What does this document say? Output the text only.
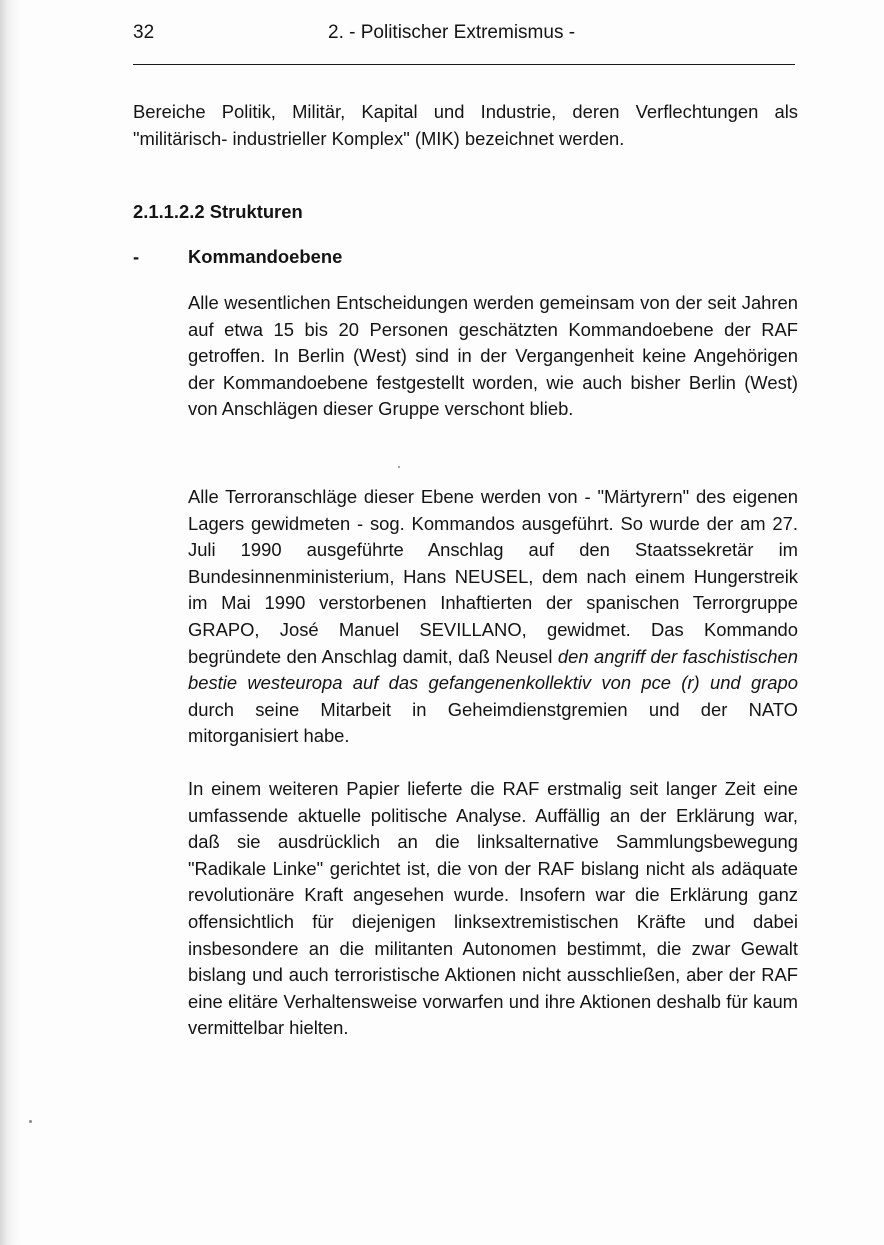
32	2. - Politischer Extremismus -

Bereiche Politik, Militär, Kapital und Industrie, deren Verflechtungen als "militärisch- industrieller Komplex" (MIK) bezeichnet werden.

2.1.1.2.2 Strukturen
-	Kommandoebene

Alle wesentlichen Entscheidungen werden gemeinsam von der seit Jahren auf etwa 15 bis 20 Personen geschätzten Kommandoebene der RAF getroffen. In Berlin (West) sind in der Vergangenheit keine Angehörigen der Kommandoebene festgestellt worden, wie auch bisher Berlin (West) von Anschlägen dieser Gruppe verschont blieb.

Alle Terroranschläge dieser Ebene werden von - "Märtyrern" des eigenen Lagers gewidmeten - sog. Kommandos ausgeführt. So wurde der am 27. Juli 1990 ausgeführte Anschlag auf den Staatssekretär im Bundesinnenministerium, Hans NEUSEL, dem nach einem Hungerstreik im Mai 1990 verstorbenen Inhaftierten der spanischen Terrorgruppe GRAPO, José Manuel SEVILLANO, gewidmet. Das Kommando begründete den Anschlag damit, daß Neusel den angriff der faschistischen bestie westeuropa auf das gefangenenkollektiv von pce (r) und grapo durch seine Mitarbeit in Geheimdienstgremien und der NATO mitorganisiert habe.

In einem weiteren Papier lieferte die RAF erstmalig seit langer Zeit eine umfassende aktuelle politische Analyse. Auffällig an der Erklärung war, daß sie ausdrücklich an die linksalternative Sammlungsbewegung "Radikale Linke" gerichtet ist, die von der RAF bislang nicht als adäquate revolutionäre Kraft angesehen wurde. Insofern war die Erklärung ganz offensichtlich für diejenigen linksextremistischen Kräfte und dabei insbesondere an die militanten Autonomen bestimmt, die zwar Gewalt bislang und auch terroristische Aktionen nicht ausschließen, aber der RAF eine elitäre Verhaltensweise vorwarfen und ihre Aktionen deshalb für kaum vermittelbar hielten.
